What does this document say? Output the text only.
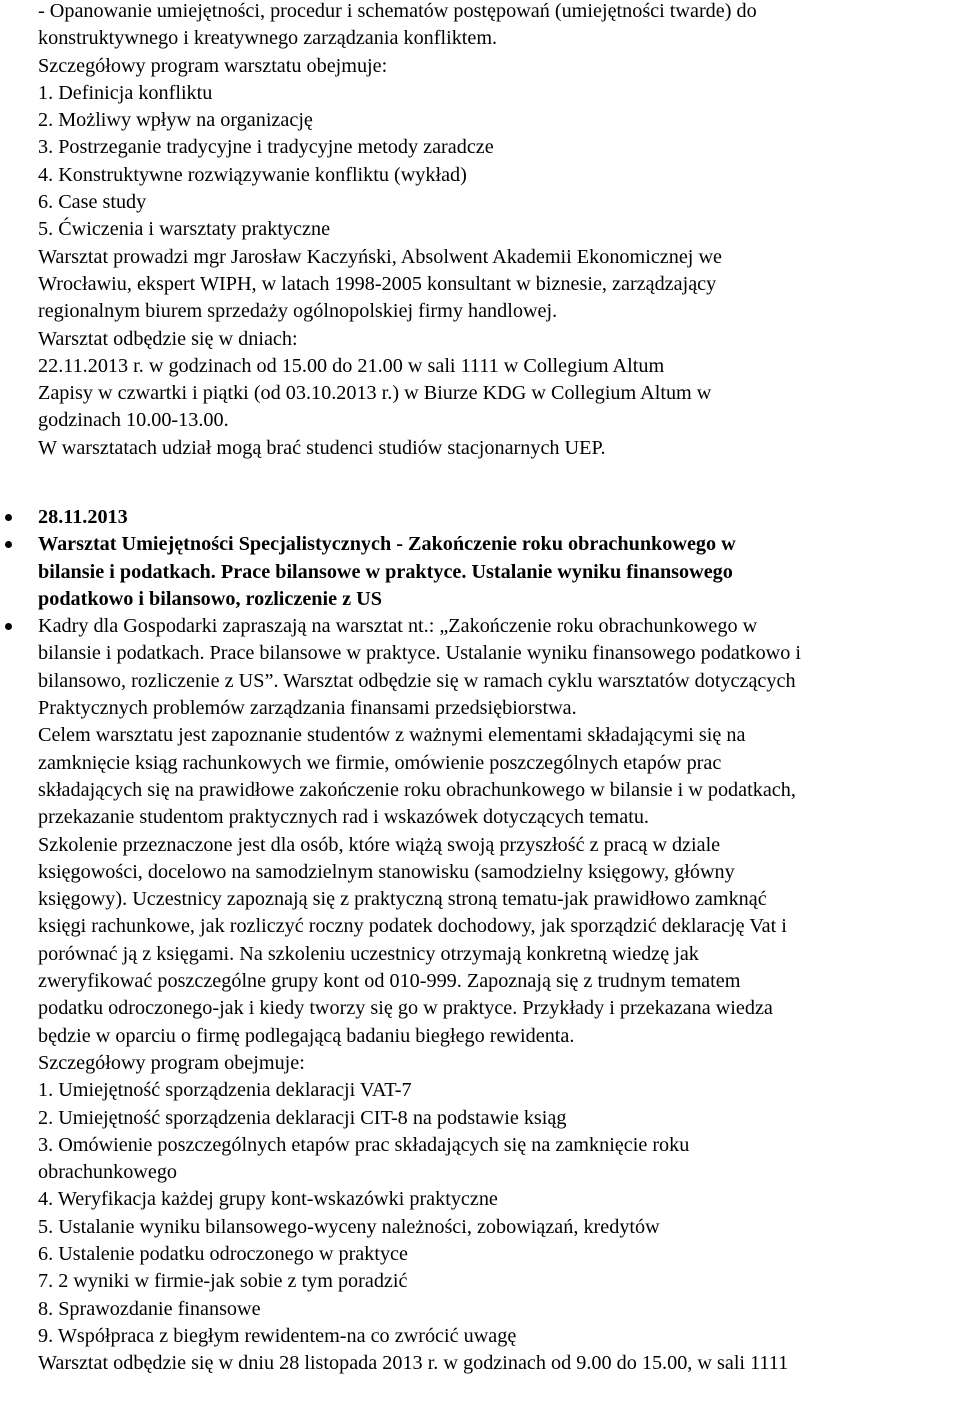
- Opanowanie umiejętności, procedur i schematów postępowań (umiejętności twarde) do
konstruktywnego i kreatywnego zarządzania konfliktem.
Szczegółowy program warsztatu obejmuje:
1. Definicja konfliktu
2. Możliwy wpływ na organizację
3. Postrzeganie tradycyjne i tradycyjne metody zaradcze
4. Konstruktywne rozwiązywanie konfliktu (wykład)
6. Case study
5. Ćwiczenia i warsztaty praktyczne
Warsztat prowadzi mgr Jarosław Kaczyński, Absolwent Akademii Ekonomicznej we
Wrocławiu, ekspert WIPH, w latach 1998-2005 konsultant w biznesie, zarządzający
regionalnym biurem sprzedaży ogólnopolskiej firmy handlowej.
Warsztat odbędzie się w dniach:
22.11.2013 r. w godzinach od 15.00 do 21.00 w sali 1111 w Collegium Altum
Zapisy w czwartki i piątki (od 03.10.2013 r.) w Biurze KDG w Collegium Altum w
godzinach 10.00-13.00.
W warsztatach udział mogą brać studenci studiów stacjonarnych UEP.
28.11.2013
Warsztat Umiejętności Specjalistycznych - Zakończenie roku obrachunkowego w
bilansie i podatkach. Prace bilansowe w praktyce. Ustalanie wyniku finansowego
podatkowo i bilansowo, rozliczenie z US
Kadry dla Gospodarki zapraszają na warsztat nt.: „Zakończenie roku obrachunkowego w
bilansie i podatkach. Prace bilansowe w praktyce. Ustalanie wyniku finansowego podatkowo i
bilansowo, rozliczenie z US”. Warsztat odbędzie się w ramach cyklu warsztatów dotyczących
Praktycznych problemów zarządzania finansami przedsiębiorstwa.
Celem warsztatu jest zapoznanie studentów z ważnymi elementami składającymi się na
zamknięcie ksiąg rachunkowych we firmie, omówienie poszczególnych etapów prac
składających się na prawidłowe zakończenie roku obrachunkowego w bilansie i w podatkach,
przekazanie studentom praktycznych rad i wskazówek dotyczących tematu.
Szkolenie przeznaczone jest dla osób, które wiążą swoją przyszłość z pracą w dziale
księgowości, docelowo na samodzielnym stanowisku (samodzielny księgowy, główny
księgowy). Uczestnicy zapoznają się z praktyczną stroną tematu-jak prawidłowo zamknąć
księgi rachunkowe, jak rozliczyć roczny podatek dochodowy, jak sporządzić deklarację Vat i
porównać ją z księgami. Na szkoleniu uczestnicy otrzymają konkretną wiedzę jak
zweryfikować poszczególne grupy kont od 010-999. Zapoznają się z trudnym tematem
podatku odroczonego-jak i kiedy tworzy się go w praktyce. Przykłady i przekazana wiedza
będzie w oparciu o firmę podlegającą badaniu biegłego rewidenta.
Szczegółowy program obejmuje:
1. Umiejętność sporządzenia deklaracji VAT-7
2. Umiejętność sporządzenia deklaracji CIT-8 na podstawie ksiąg
3. Omówienie poszczególnych etapów prac składających się na zamknięcie roku
obrachunkowego
4. Weryfikacja każdej grupy kont-wskazówki praktyczne
5. Ustalanie wyniku bilansowego-wyceny należności, zobowiązań, kredytów
6. Ustalenie podatku odroczonego w praktyce
7. 2 wyniki w firmie-jak sobie z tym poradzić
8. Sprawozdanie finansowe
9. Współpraca z biegłym rewidentem-na co zwrócić uwagę
Warsztat odbędzie się w dniu 28 listopada 2013 r. w godzinach od 9.00 do 15.00, w sali 1111
